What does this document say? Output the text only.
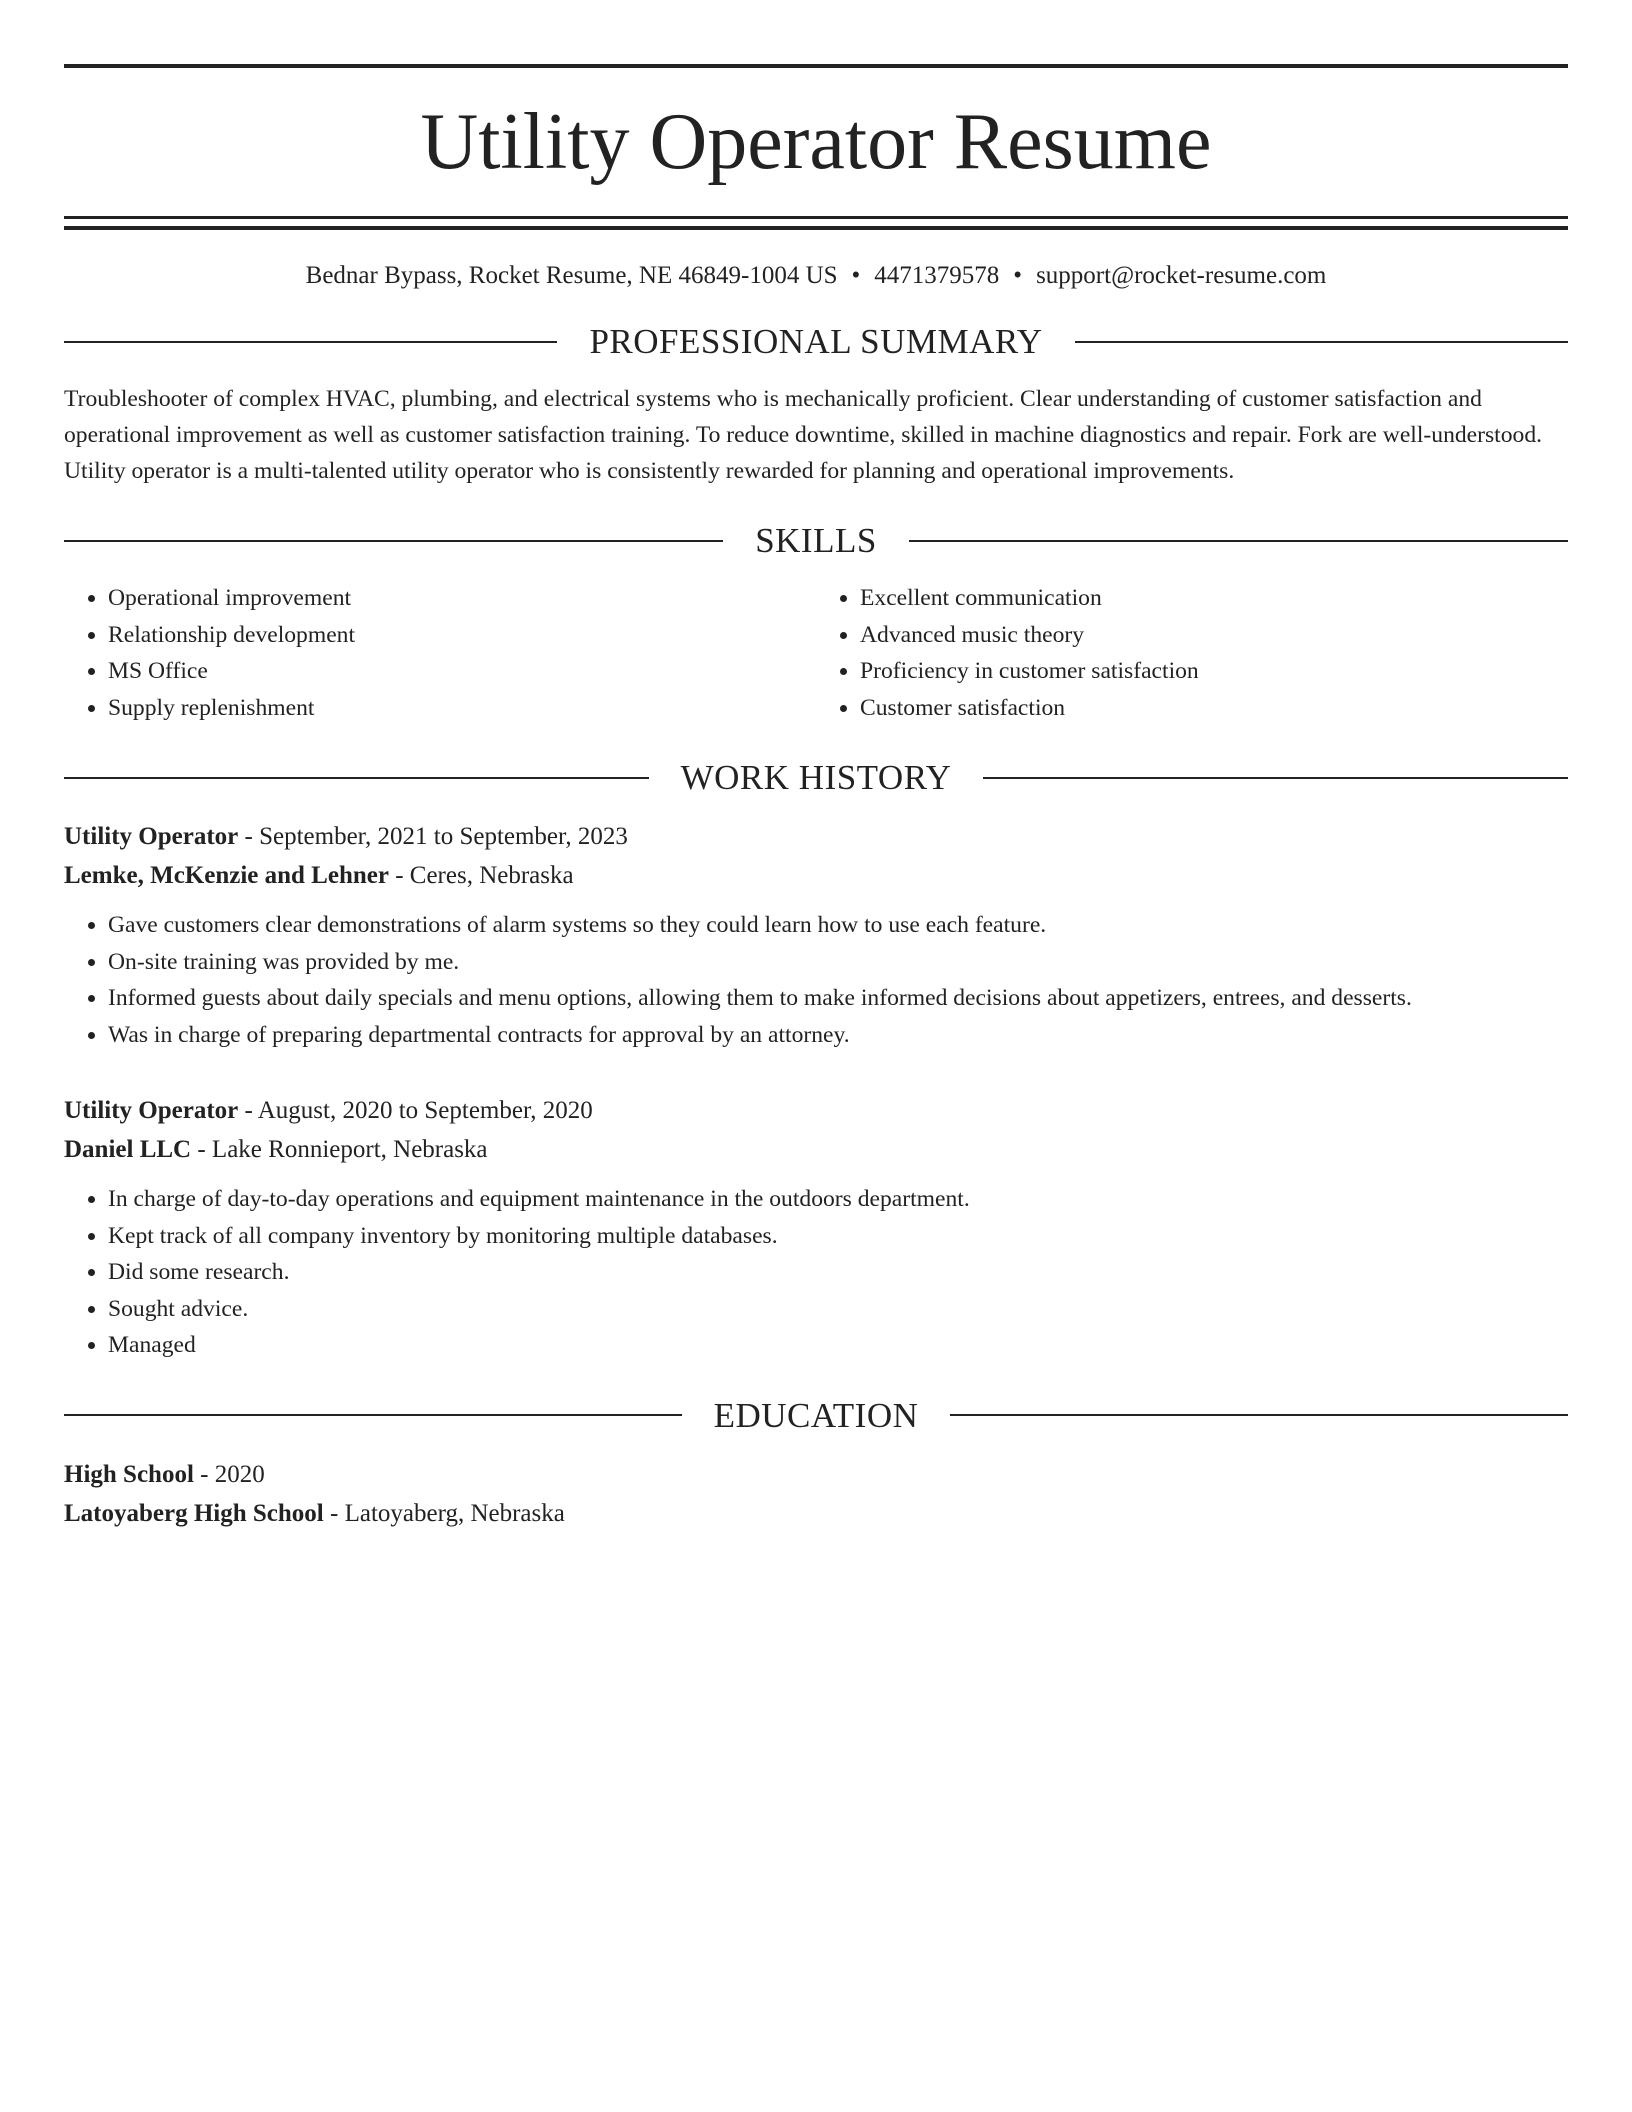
Utility Operator Resume
Bednar Bypass, Rocket Resume, NE 46849-1004 US • 4471379578 • support@rocket-resume.com
PROFESSIONAL SUMMARY
Troubleshooter of complex HVAC, plumbing, and electrical systems who is mechanically proficient. Clear understanding of customer satisfaction and operational improvement as well as customer satisfaction training. To reduce downtime, skilled in machine diagnostics and repair. Fork are well-understood. Utility operator is a multi-talented utility operator who is consistently rewarded for planning and operational improvements.
SKILLS
• Operational improvement
• Relationship development
• MS Office
• Supply replenishment
• Excellent communication
• Advanced music theory
• Proficiency in customer satisfaction
• Customer satisfaction
WORK HISTORY
Utility Operator - September, 2021 to September, 2023
Lemke, McKenzie and Lehner - Ceres, Nebraska
• Gave customers clear demonstrations of alarm systems so they could learn how to use each feature.
• On-site training was provided by me.
• Informed guests about daily specials and menu options, allowing them to make informed decisions about appetizers, entrees, and desserts.
• Was in charge of preparing departmental contracts for approval by an attorney.
Utility Operator - August, 2020 to September, 2020
Daniel LLC - Lake Ronnieport, Nebraska
• In charge of day-to-day operations and equipment maintenance in the outdoors department.
• Kept track of all company inventory by monitoring multiple databases.
• Did some research.
• Sought advice.
• Managed
EDUCATION
High School - 2020
Latoyaberg High School - Latoyaberg, Nebraska
